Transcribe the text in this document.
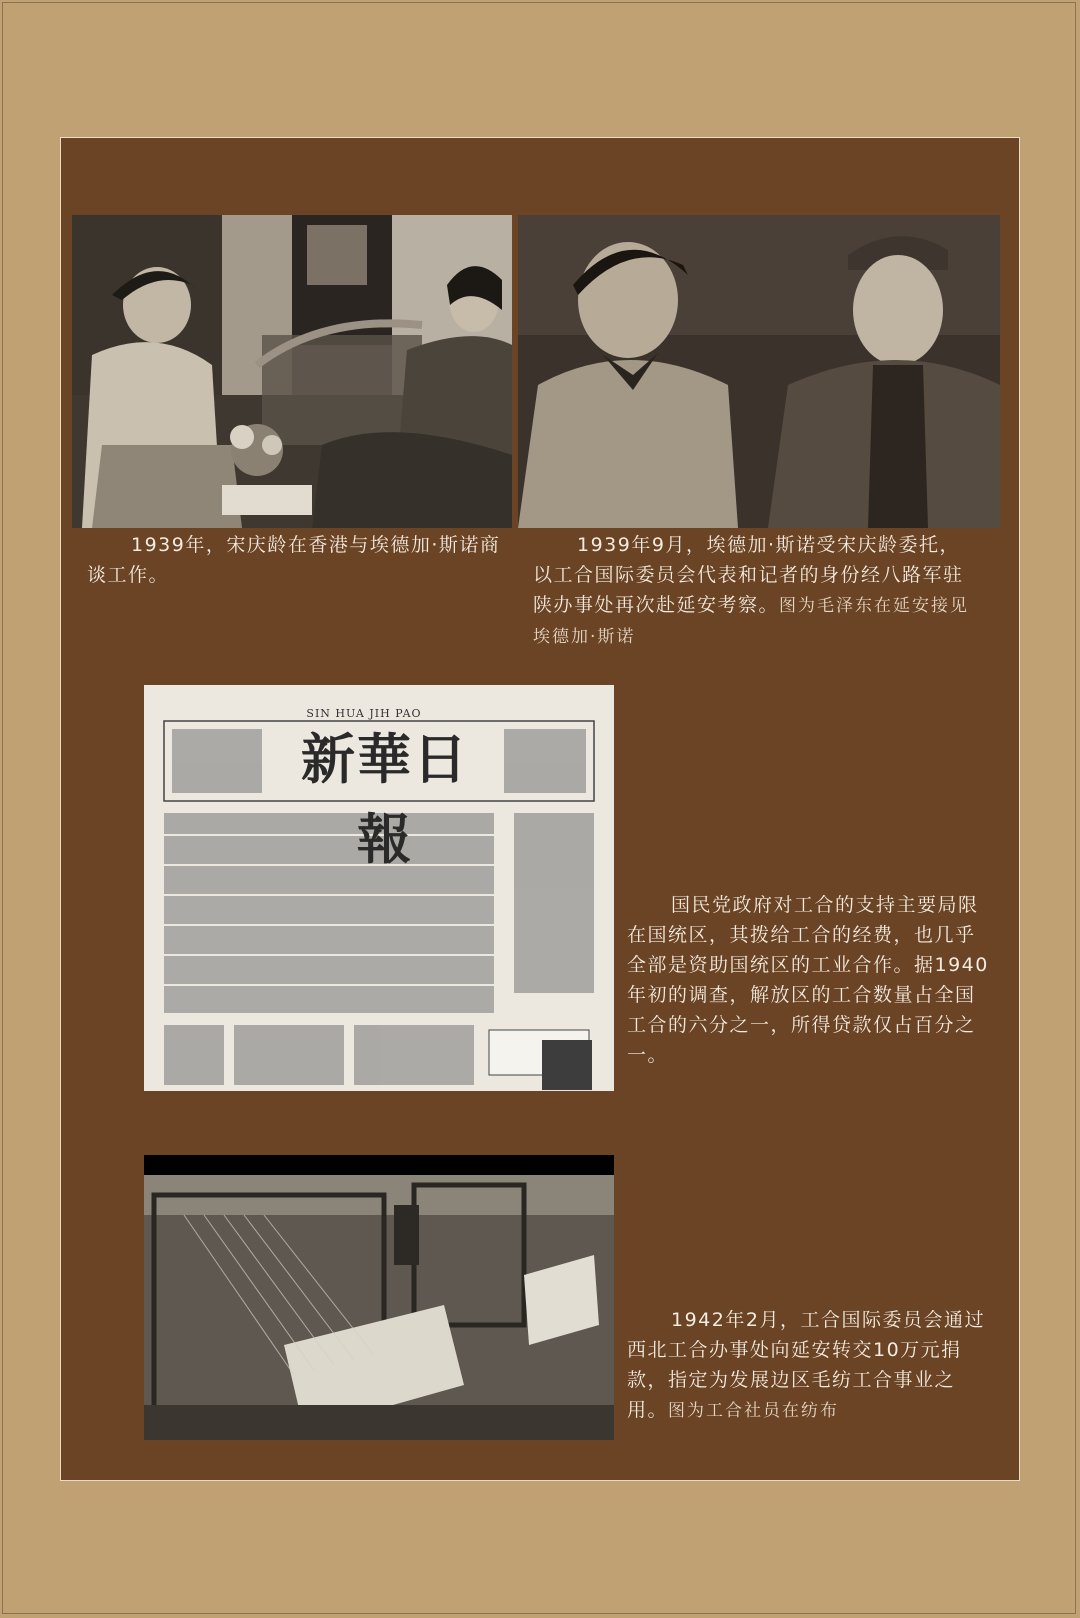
1939年，宋庆龄在香港与埃德加·斯诺商谈工作。

1939年9月，埃德加·斯诺受宋庆龄委托，以工合国际委员会代表和记者的身份经八路军驻陕办事处再次赴延安考察。图为毛泽东在延安接见埃德加·斯诺

SIN HUA JIH PAO
新華日報

国民党政府对工合的支持主要局限在国统区，其拨给工合的经费，也几乎全部是资助国统区的工业合作。据1940年初的调查，解放区的工合数量占全国工合的六分之一，所得贷款仅占百分之一。

1942年2月，工合国际委员会通过西北工合办事处向延安转交10万元捐款，指定为发展边区毛纺工合事业之用。图为工合社员在纺布
